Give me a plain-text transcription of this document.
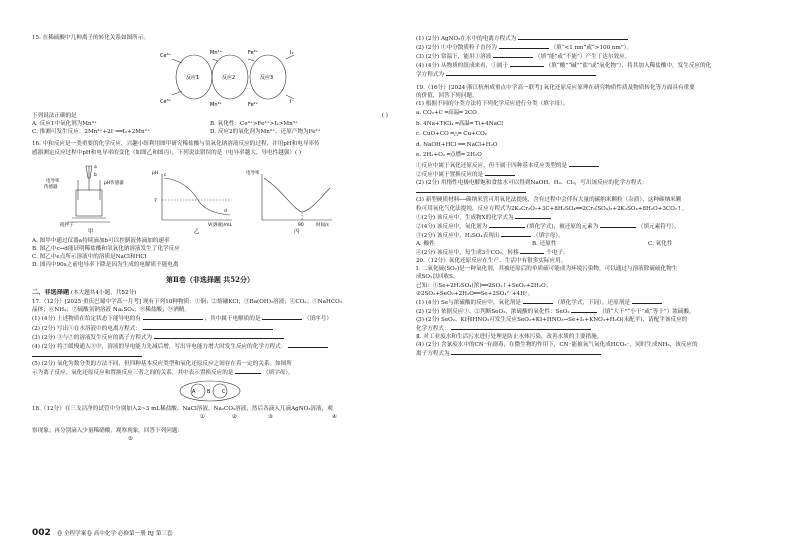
15. 在稀硫酸中几种离子的转化关系如图所示。
Ce⁴⁺	Mn²⁺	Fe³⁺	I₂
Ce³⁺	Mn³⁺	Fe²⁺	I⁻
反应1	反应2	反应3
下列说法正确的是	( )
A. 反应1中氧化剂为Mn³⁺	B. 氧化性：Ce⁴⁺>Fe³⁺>I₂>Mn³⁺
C. 推测可发生反应：2Mn³⁺+2I⁻══I₂+2Mn²⁺	D. 反应2的氧化剂为Mn³⁺，还原产物为Fe²⁺
16. 中和反应是一类重要的化学反应，兴趣小组利用图甲研究稀盐酸与氢氧化钠溶液反应的过程，并用pH和电导率传
感器测定反应过程中pH和电导率的变化（如图乙和图丙），下列说法错误的是（电导率越大，导电性越强）( )
电导率
传感器
pH传感器
搅拌子
a
b	pH
7
c
d
V(溶液)/mL
电导率
90	时间/s
甲	乙	丙
A. 图甲中通过仪器a持续滴加b可以控制液体滴加的速率
B. 图乙中c→d能证明稀盐酸和氢氧化钠溶液发生了化学反应
C. 图乙中e点所示溶液中的溶质是NaCl和HCl
D. 图丙中90s之前电导率下降是因为生成的电解质不能电离
第Ⅱ卷（非选择题 共52分）
二、非选择题 (本大题共4小题，共52分)
17.（12分）[2025·重庆巴蜀中学高一月考] 现有下列10种物质：①铜；②熔融KCl；③Ba(OH)₂溶液；④CO₂；⑤NaHCO₃
晶体；⑥NH₃；⑦硫酸氢钠溶液 Na₂SO₄；⑧稀盐酸；⑨酒精。
(1) (4分) 上述物质在给定状态下能导电的有	；其中属于电解质的是	（填序号）
(2) (2分) 写出⑤在水溶液中的电离方程式：
(3) (2分) ③与⑦的溶液发生反应的离子方程式为
(4) (2分) 将⑦缓慢通入③中，溶液的导电能力先减后增，写出导电能力增大时发生反应的化学方程式：
(5) (2分) 氧化为数分类的方法不同，但四种基本反应类型和氧化还原反应之间存在着一定的关系。如图所
示为离子反应、氧化还原反应和置换反应三者之间的关系，其中表示置换反应的是	（填字母）。
A B C
18.（12分）在三支洁净的试管中分别加入2~3 mL稀盐酸、NaCl溶液、Na₂CO₃溶液，然后各滴入几滴AgNO₃溶液，观
①	②	③	④
察现象；再分别滴入少量稀硝酸，观察现象。回答下列问题：
⑤
(1) (2分) AgNO₃在水中的电离方程式为
(2) (2分) ①中分散质粒子直径为	（填“<1 nm”或“>100 nm”）。
(3) (2分) 常温下，能用①溶液	（填“能”或“不能”）产生丁达尔效应。
(4) (4分) 从物质的组成来看，①属于	（填“酸”“碱”“盐”或“氧化物”），将其加入稀盐酸中，发生反应的化
学方程式为
19.（16分）[2024·浙江杭州成重点中学高一联考] 氧化还原反应原理在研究物质性质及物质转化等方面具有重要
的价值，回答下列问题。
(1) 根据不同的分类方法将下列化学反应进行分类（填字母）。
a. CO₂+C ═高温═ 2CO
b. 4Na+TiCl₄ ═高温═ Ti+4NaCl
c. CuO+CO ═△═ Cu+CO₂
d. NaOH+HCl ══ NaCl+H₂O
e. 2H₂+O₂ ═点燃═ 2H₂O
①反应中属于氧化还原反应，但不属于四种基本反应类型的是
②反应中属于置换反应的是
(2) (2分) 用惰性电极电解饱和食盐水可以得到NaOH、H₂、Cl₂，写出该反应的化学方程式：
(3) 新型硬质材料──碳纳米管可用氧化法提纯，含有过程中会伴有大量的碳纳米颗粒（杂质），这种碳纳米颗
粒可用氧化气化法提纯，反应方程式为2K₂Cr₂O₇+3C+8H₂SO₄══2Cr₂(SO₄)₃+2K₂SO₄+8H₂O+3CO₂↑。
①(2分) 该反应中，生成物X的化学式为
②(4分) 该反应中，氧化剂为	(填化学式)，被还原的元素为	（填元素符号）。
③(2分) 该反应中，H₂SO₄表现出	（填字母）。
A. 酸性	B. 还原性	C. 氧化性
④(2分) 该反应中，每生成3个CO₂，转移	个电子。
20.（12分）氧化还原反应在生产、生活中有很多实际应用。
Ⅰ. 二氧化硫(SO₂)是一种氧化剂，其被还原后的单质硫可能成为环境污染物，可以通过与溶液除硫硫化物生
成SO₂以回收S。
已知：①Se+2H₂SO₄(浓)══2SO₂↑+SeO₂+2H₂O；
②2SO₂+SeO₂+2H₂O══Se+2SO₄²⁻+4H⁺。
(1) (4分) Se与浓硫酸的反应中，氧化剂是	（填化学式，下同），还原剂是
(2) (2分) 依据反应①、②判断SeO₂、浓硫酸的氧化性：SeO₂	（填“大于”“小于”或“等于”）浓硫酸。
(3) (2分) SeO₂、KI和HNO₃可发生反应SeO₂+KI+HNO₃→Se+I₂+KNO₃+H₂O(未配平)，请配平该反应的
化学方程式：
Ⅱ. 对工业废水和生活污水进行处理是防止水体污染，改善水质的主要措施。
(4) (2分) 含氰废水中的CN⁻有剧毒，在微生物的作用下，CN⁻能被氧气氧化成HCO₃⁻，同时生成NH₃，该反应的
离子方程式为
002 卷 全程学案卷 高中化学 必修第一册 RJ 第三套
